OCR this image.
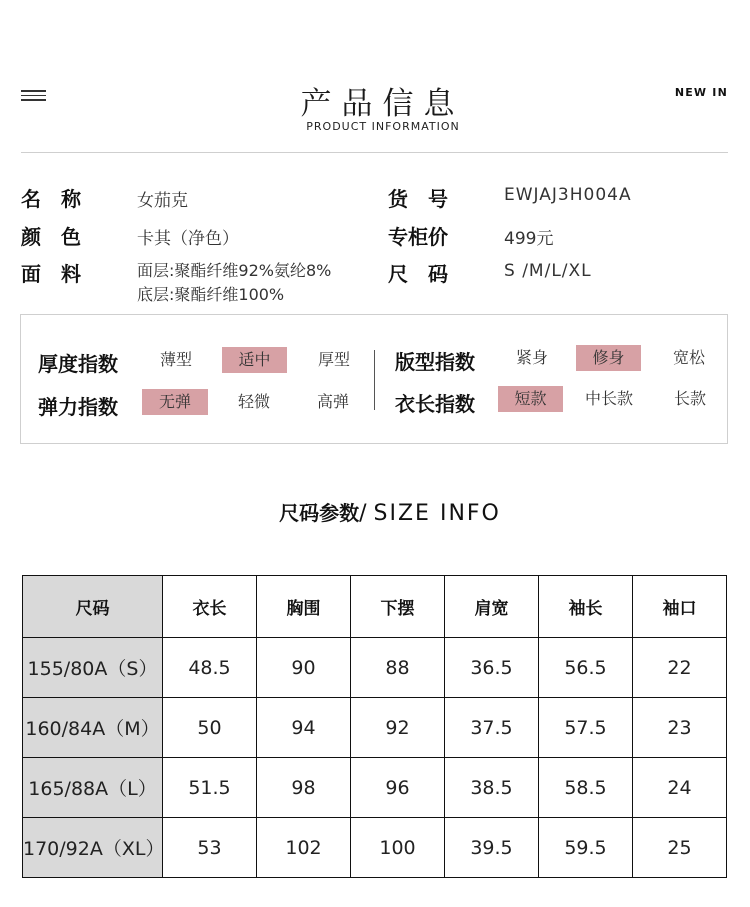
产品信息
PRODUCT INFORMATION
NEW IN
名　称	女茄克
颜　色	卡其（净色）
面　料	面层:聚酯纤维92%氨纶8%
底层:聚酯纤维100%
货　号	EWJAJ3H004A
专柜价	499元
尺　码	S /M/L/XL
厚度指数	薄型	适中	厚型
弹力指数	无弹	轻微	高弹
版型指数	紧身	修身	宽松
衣长指数	短款	中长款	长款
尺码参数/ SIZE INFO
尺码	衣长	胸围	下摆	肩宽	袖长	袖口
155/80A（S）	48.5	90	88	36.5	56.5	22
160/84A（M）	50	94	92	37.5	57.5	23
165/88A（L）	51.5	98	96	38.5	58.5	24
170/92A（XL）	53	102	100	39.5	59.5	25
